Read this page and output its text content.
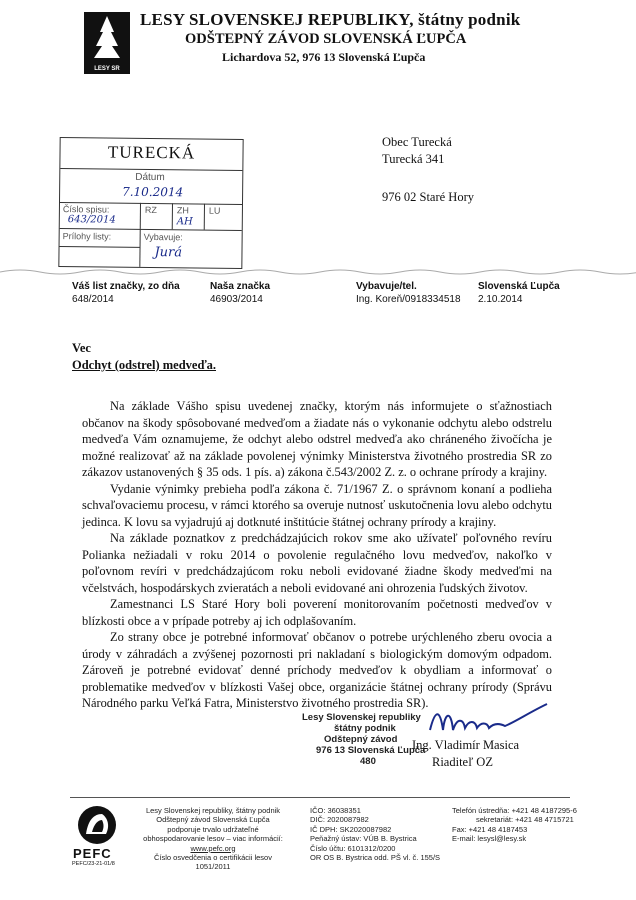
LESY SR
LESY SLOVENSKEJ REPUBLIKY, štátny podnik
ODŠTEPNÝ ZÁVOD SLOVENSKÁ ĽUPČA
Lichardova 52, 976 13 Slovenská Ľupča
Obec Turecká
Turecká 341
976 02 Staré Hory
TURECKÁ
Dátum
7.10.2014
Číslo spisu:
643/2014
RZ ZH
AH
LU
Prílohy listy:	Vybavuje:
Jurá
Váš list značky, zo dňa
648/2014
Naša značka
46903/2014
Vybavuje/tel.
Ing. Koreň/0918334518
Slovenská Ľupča
2.10.2014
Vec
Odchyt (odstrel) medveďa.

Na základe Vášho spisu uvedenej značky, ktorým nás informujete o sťažnostiach občanov na škody spôsobované medveďom a žiadate nás o vykonanie odchytu alebo odstrelu medveďa Vám oznamujeme, že odchyt alebo odstrel medveďa ako chráneného živočícha je možné realizovať až na základe povolenej výnimky Ministerstva životného prostredia SR zo zákazov ustanovených § 35 ods. 1 pís. a) zákona č.543/2002 Z. z. o ochrane prírody a krajiny.

Vydanie výnimky prebieha podľa zákona č. 71/1967 Z. o správnom konaní a podliehа schvaľovaciemu procesu, v rámci ktorého sa overuje nutnosť uskutočnenia lovu alebo odchytu jedinca. K lovu sa vyjadrujú aj dotknuté inštitúcie štátnej ochrany prírody a krajiny.

Na základe poznatkov z predchádzajúcich rokov sme ako užívateľ poľovného revíru Polianka nežiadali v roku 2014 o povolenie regulačného lovu medveďov, nakoľko v poľovnom revíri v predchádzajúcom roku neboli evidované žiadne škody medveďmi na včelstvách, hospodárskych zvieratách a neboli evidované ani ohrozenia ľudských životov.

Zamestnanci LS Staré Hory boli poverení monitorovaním početnosti medveďov v blízkosti obce a v prípade potreby aj ich odplašovaním.

Zo strany obce je potrebné informovať občanov o potrebe urýchleného zberu ovocia a úrody v záhradách a zvýšenej pozornosti pri nakladaní s biologickým domovým odpadom. Zároveň je potrebné evidovať denné príchody medveďov k obydliam a informovať o problematike medveďov v blízkosti Vašej obce, organizácie štátnej ochrany prírody (Správu Národného parku Veľká Fatra, Ministerstvo životného prostredia SR).

Lesy Slovenskej republiky
štátny podnik
Odštepný závod
976 13 Slovenská Ľupča
480
Ing. Vladimír Masica
Riaditeľ OZ
PEFC
PEFC/23-21-01/8
Lesy Slovenskej republiky, štátny podnik
Odštepný závod Slovenská Ľupča
podporuje trvalo udržateľné
obhospodarovanie lesov – viac informácií:
www.pefc.org
Číslo osvedčenia o certifikácii lesov
1051/2011
IČO: 36038351
DIČ: 2020087982
IČ DPH: SK2020087982
Peňažný ústav: VÚB B. Bystrica
Číslo účtu: 6101312/0200
OR OS B. Bystrica odd. PŠ vl. č. 155/S
Telefón ústredňa: +421 48 4187295-6
sekretariát: +421 48 4715721
Fax: +421 48 4187453
E-mail: lesysl@lesy.sk
